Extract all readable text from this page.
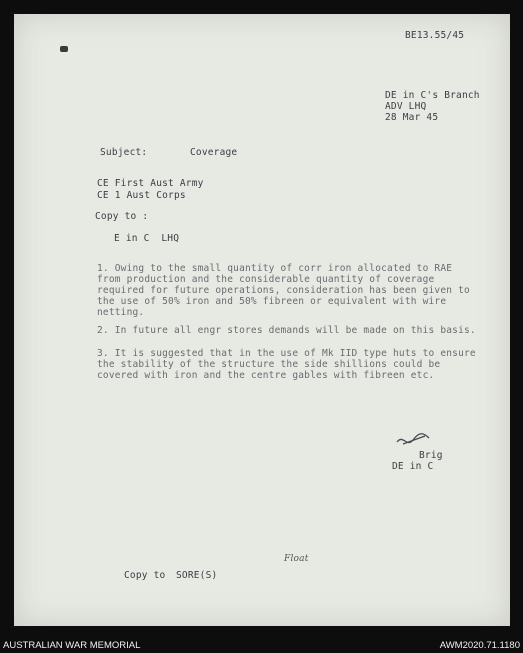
BE13.55/45
DE in C's Branch
ADV LHQ
28 Mar 45
Subject:	Coverage
CE First Aust Army
CE 1 Aust Corps
Copy to :
E in C  LHQ
1. Owing to the small quantity of corr iron allocated to RAE from production and the considerable quantity of coverage required for future operations, consideration has been given to the use of 50% iron and 50% fibreen or equivalent with wire netting.
2. In future all engr stores demands will be made on this basis.
3. It is suggested that in the use of Mk IID type huts to ensure the stability of the structure the side shillions could be covered with iron and the centre gables with fibreen etc.
Brig
DE in C
Float
Copy to SORE(S)
AUSTRALIAN WAR MEMORIAL	AWM2020.71.1180
